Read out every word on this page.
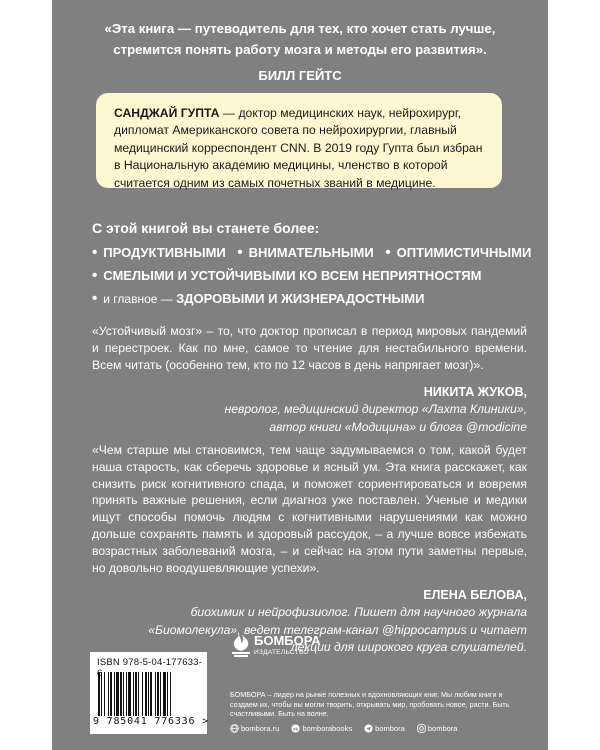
«Эта книга — путеводитель для тех, кто хочет стать лучше,
стремится понять работу мозга и методы его развития».
БИЛЛ ГЕЙТС
САНДЖАЙ ГУПТА — доктор медицинских наук, нейрохирург, дипломат Американского совета по нейрохирургии, главный медицинский корреспондент CNN. В 2019 году Гупта был избран в Национальную академию медицины, членство в которой считается одним из самых почетных званий в медицине.
С этой книгой вы станете более:
• ПРОДУКТИВНЫМИ • ВНИМАТЕЛЬНЫМИ • ОПТИМИСТИЧНЫМИ
• СМЕЛЫМИ И УСТОЙЧИВЫМИ КО ВСЕМ НЕПРИЯТНОСТЯМ
• и главное — ЗДОРОВЫМИ И ЖИЗНЕРАДОСТНЫМИ
«Устойчивый мозг» – то, что доктор прописал в период мировых пандемий и перестроек. Как по мне, самое то чтение для нестабильного времени. Всем читать (особенно тем, кто по 12 часов в день напрягает мозг)».
НИКИТА ЖУКОВ,
невролог, медицинский директор «Лахта Клиники»,
автор книги «Модицина» и блога @modicine
«Чем старше мы становимся, тем чаще задумываемся о том, какой будет наша старость, как сберечь здоровье и ясный ум. Эта книга расскажет, как снизить риск когнитивного спада, и поможет сориентироваться и вовремя принять важные решения, если диагноз уже поставлен. Ученые и медики ищут способы помочь людям с когнитивными нарушениями как можно дольше сохранять память и здоровый рассудок, – а лучше вовсе избежать возрастных заболеваний мозга, – и сейчас на этом пути заметны первые, но довольно воодушевляющие успехи».
ЕЛЕНА БЕЛОВА,
биохимик и нейрофизиолог. Пишет для научного журнала
«Биомолекула», ведет телеграм-канал @hippocampus и читает
лекции для широкого круга слушателей.
ISBN 978-5-04-177633-
9 785041 776336 >
БОМБОРА
ИЗДАТЕЛЬСТВО
БОМБОРА – лидер на рынке полезных и вдохновляющих книг. Мы любим книги и создаем их, чтобы вы могли творить, открывать мир, пробовать новое, расти. Быть счастливыми. Быть на волне.
bombora.ru	vk bomborabooks	bombora	bombora
